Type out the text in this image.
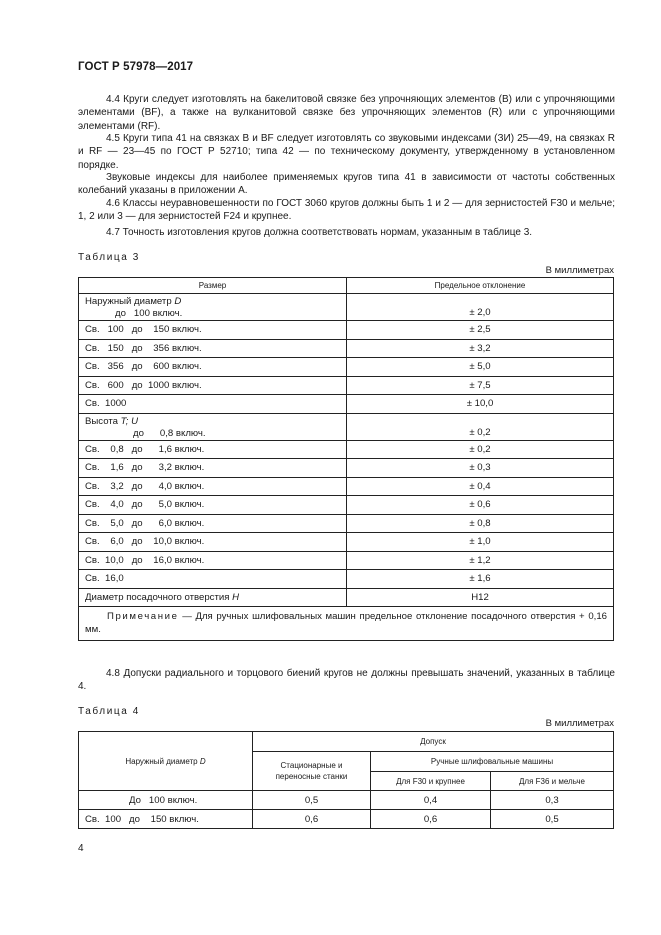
ГОСТ Р 57978—2017
4.4 Круги следует изготовлять на бакелитовой связке без упрочняющих элементов (В) или с упрочняющими элементами (BF), а также на вулканитовой связке без упрочняющих элементов (R) или с упрочняющими элементами (RF).
4.5 Круги типа 41 на связках В и BF следует изготовлять со звуковыми индексами (ЗИ) 25—49, на связках R и RF — 23—45 по ГОСТ Р 52710; типа 42 — по техническому документу, утвержденному в установленном порядке.
Звуковые индексы для наиболее применяемых кругов типа 41 в зависимости от частоты собственных колебаний указаны в приложении А.
4.6 Классы неуравновешенности по ГОСТ 3060 кругов должны быть 1 и 2 — для зернистостей F30 и мельче; 1, 2 или 3 — для зернистостей F24 и крупнее.
4.7 Точность изготовления кругов должна соответствовать нормам, указанным в таблице 3.
Таблица 3
В миллиметрах
Размер	Предельное отклонение
Наружный диаметр D
до   100 включ.	± 2,0
Св.   100   до    150 включ.	± 2,5
Св.   150   до    356 включ.	± 3,2
Св.   356   до    600 включ.	± 5,0
Св.   600   до  1000 включ.	± 7,5
Св.  1000	± 10,0
Высота T; U
до      0,8 включ.	± 0,2
Св.    0,8   до      1,6 включ.	± 0,2
Св.    1,6   до      3,2 включ.	± 0,3
Св.    3,2   до      4,0 включ.	± 0,4
Св.    4,0   до      5,0 включ.	± 0,6
Св.    5,0   до      6,0 включ.	± 0,8
Св.    6,0   до    10,0 включ.	± 1,0
Св.  10,0   до    16,0 включ.	± 1,2
Св.  16,0	± 1,6
Диаметр посадочного отверстия H	H12
Примечание — Для ручных шлифовальных машин предельное отклонение посадочного отверстия + 0,16 мм.	
4.8 Допуски радиального и торцового биений кругов не должны превышать значений, указанных в таблице 4.
Таблица 4
В миллиметрах
Наружный диаметр D	Допуск		
	Стационарные и переносные станки	Ручные шлифовальные машины	
		Для F30 и крупнее	Для F36 и мельче
До   100 включ.	0,5	0,4	0,3
Св.  100   до    150 включ.	0,6	0,6	0,5
4
